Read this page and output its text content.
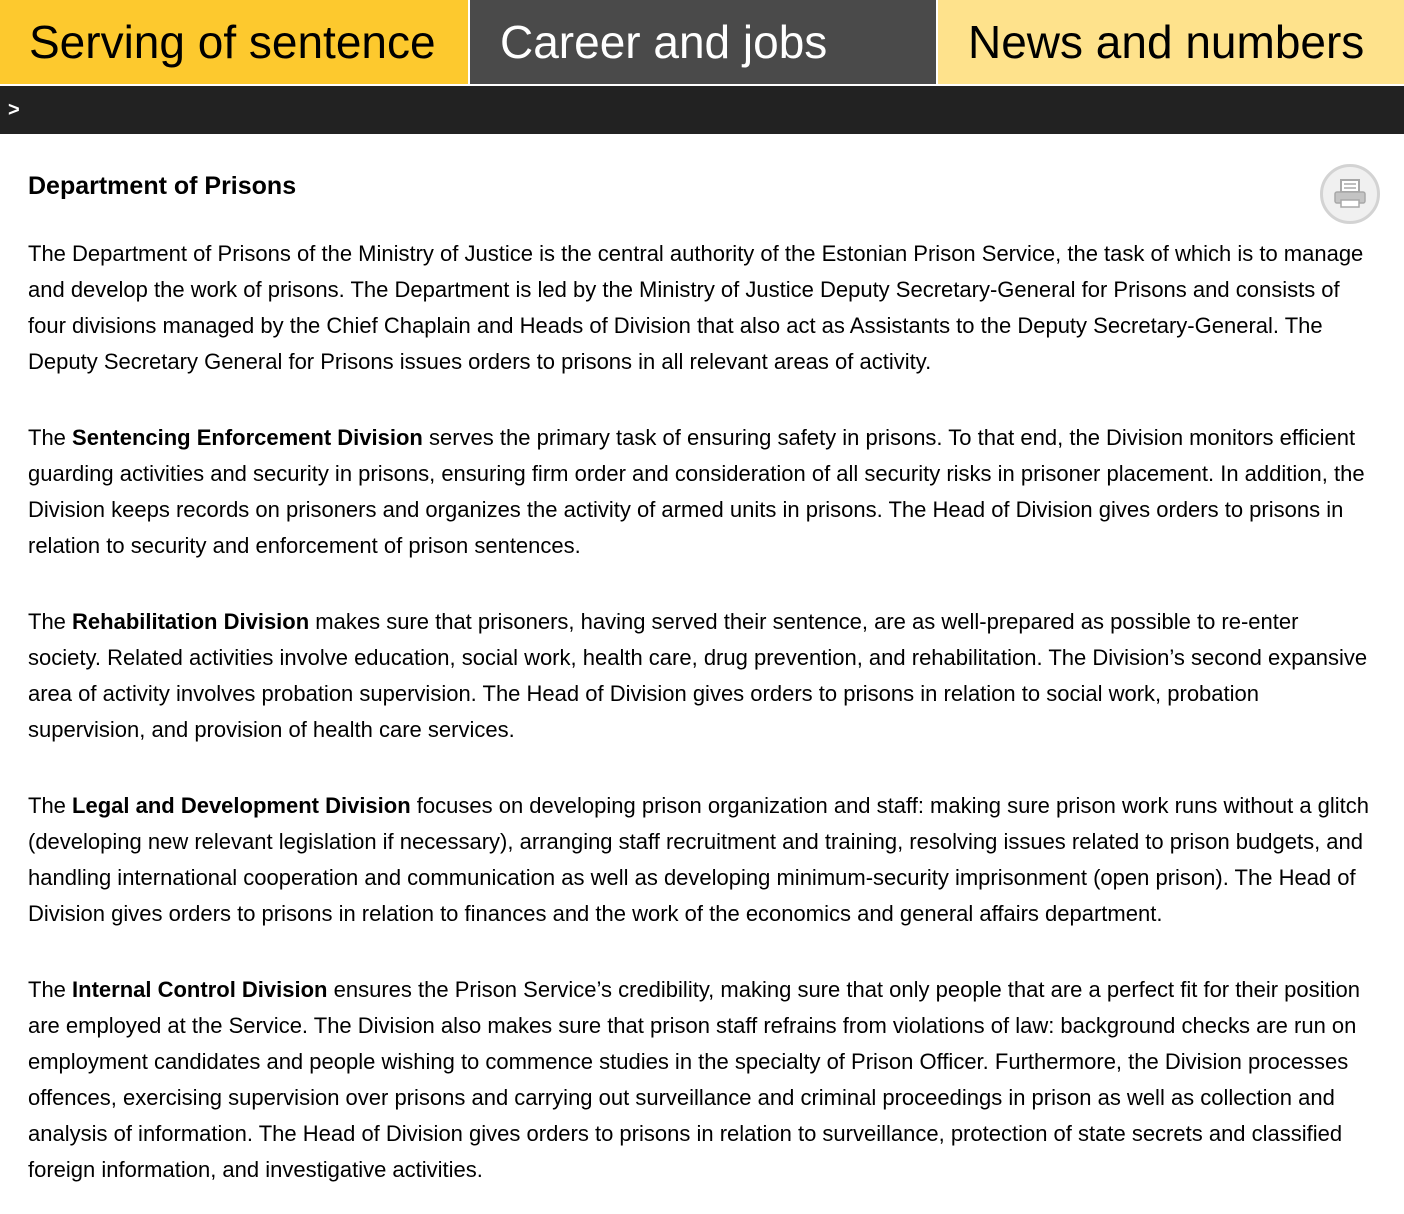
Serving of sentence	Career and jobs	News and numbers
>
Department of Prisons

The Department of Prisons of the Ministry of Justice is the central authority of the Estonian Prison Service, the task of which is to manage and develop the work of prisons. The Department is led by the Ministry of Justice Deputy Secretary-General for Prisons and consists of four divisions managed by the Chief Chaplain and Heads of Division that also act as Assistants to the Deputy Secretary-General. The Deputy Secretary General for Prisons issues orders to prisons in all relevant areas of activity.

The Sentencing Enforcement Division serves the primary task of ensuring safety in prisons. To that end, the Division monitors efficient guarding activities and security in prisons, ensuring firm order and consideration of all security risks in prisoner placement. In addition, the Division keeps records on prisoners and organizes the activity of armed units in prisons. The Head of Division gives orders to prisons in relation to security and enforcement of prison sentences.

The Rehabilitation Division makes sure that prisoners, having served their sentence, are as well-prepared as possible to re-enter society. Related activities involve education, social work, health care, drug prevention, and rehabilitation. The Division’s second expansive area of activity involves probation supervision. The Head of Division gives orders to prisons in relation to social work, probation supervision, and provision of health care services.

The Legal and Development Division focuses on developing prison organization and staff: making sure prison work runs without a glitch (developing new relevant legislation if necessary), arranging staff recruitment and training, resolving issues related to prison budgets, and handling international cooperation and communication as well as developing minimum-security imprisonment (open prison). The Head of Division gives orders to prisons in relation to finances and the work of the economics and general affairs department.

The Internal Control Division ensures the Prison Service’s credibility, making sure that only people that are a perfect fit for their position are employed at the Service. The Division also makes sure that prison staff refrains from violations of law: background checks are run on employment candidates and people wishing to commence studies in the specialty of Prison Officer. Furthermore, the Division processes offences, exercising supervision over prisons and carrying out surveillance and criminal proceedings in prison as well as collection and analysis of information. The Head of Division gives orders to prisons in relation to surveillance, protection of state secrets and classified foreign information, and investigative activities.
